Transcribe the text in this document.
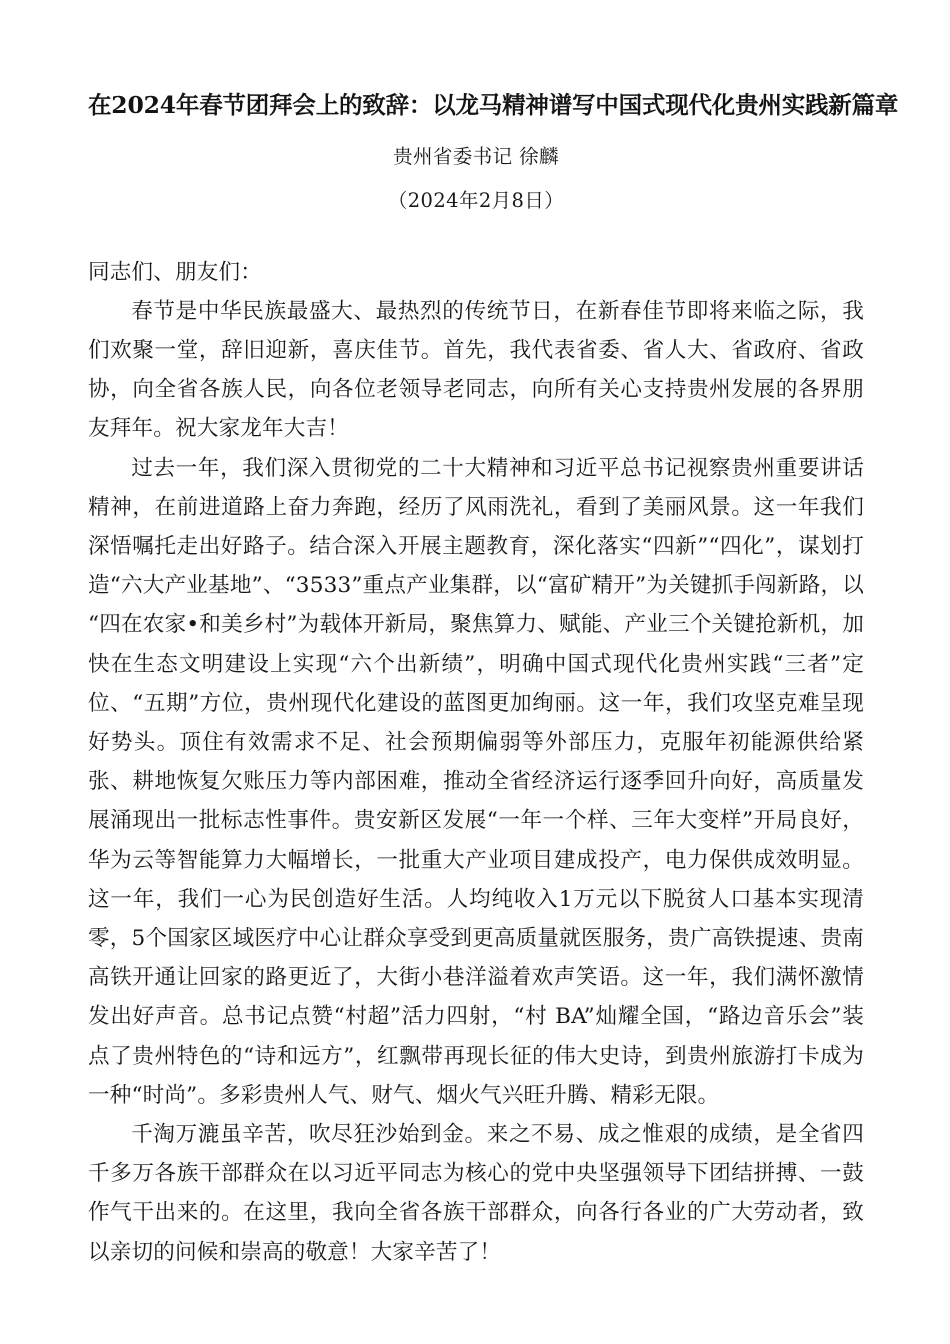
在2024年春节团拜会上的致辞：以龙马精神谱写中国式现代化贵州实践新篇章

贵州省委书记 徐麟

（2024年2月8日）

同志们、朋友们：

春节是中华民族最盛大、最热烈的传统节日，在新春佳节即将来临之际，我们欢聚一堂，辞旧迎新，喜庆佳节。首先，我代表省委、省人大、省政府、省政协，向全省各族人民，向各位老领导老同志，向所有关心支持贵州发展的各界朋友拜年。祝大家龙年大吉！

过去一年，我们深入贯彻党的二十大精神和习近平总书记视察贵州重要讲话精神，在前进道路上奋力奔跑，经历了风雨洗礼，看到了美丽风景。这一年我们深悟嘱托走出好路子。结合深入开展主题教育，深化落实“四新”“四化”，谋划打造“六大产业基地”、“3533”重点产业集群，以“富矿精开”为关键抓手闯新路，以“四在农家•和美乡村”为载体开新局，聚焦算力、赋能、产业三个关键抢新机，加快在生态文明建设上实现“六个出新绩”，明确中国式现代化贵州实践“三者”定位、“五期”方位，贵州现代化建设的蓝图更加绚丽。这一年，我们攻坚克难呈现好势头。顶住有效需求不足、社会预期偏弱等外部压力，克服年初能源供给紧张、耕地恢复欠账压力等内部困难，推动全省经济运行逐季回升向好，高质量发展涌现出一批标志性事件。贵安新区发展“一年一个样、三年大变样”开局良好，华为云等智能算力大幅增长，一批重大产业项目建成投产，电力保供成效明显。这一年，我们一心为民创造好生活。人均纯收入1万元以下脱贫人口基本实现清零，5个国家区域医疗中心让群众享受到更高质量就医服务，贵广高铁提速、贵南高铁开通让回家的路更近了，大街小巷洋溢着欢声笑语。这一年，我们满怀激情发出好声音。总书记点赞“村超”活力四射，“村 BA”灿耀全国，“路边音乐会”装点了贵州特色的“诗和远方”，红飘带再现长征的伟大史诗，到贵州旅游打卡成为一种“时尚”。多彩贵州人气、财气、烟火气兴旺升腾、精彩无限。

千淘万漉虽辛苦，吹尽狂沙始到金。来之不易、成之惟艰的成绩，是全省四千多万各族干部群众在以习近平同志为核心的党中央坚强领导下团结拼搏、一鼓作气干出来的。在这里，我向全省各族干部群众，向各行各业的广大劳动者，致以亲切的问候和崇高的敬意！大家辛苦了！
